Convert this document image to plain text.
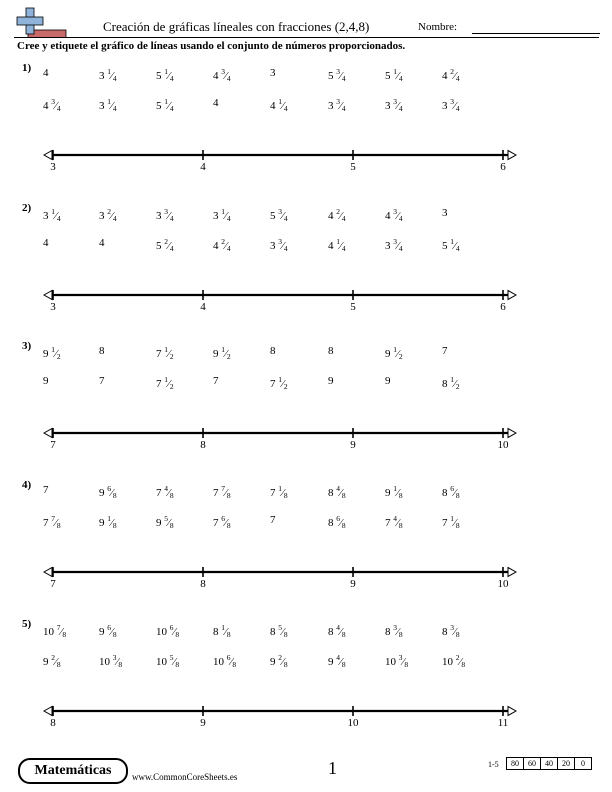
Creación de gráficas líneales con fracciones (2,4,8)	Nombre:
Cree y etiquete el gráfico de líneas usando el conjunto de números proporcionados.
1) 4	3 $^1⁄_4$	5 $^1⁄_4$	4 $^3⁄_4$	3	5 $^3⁄_4$	5 $^1⁄_4$	4 $^2⁄_4$
4 $^3⁄_4$	3 $^1⁄_4$	5 $^1⁄_4$	4	4 $^1⁄_4$	3 $^3⁄_4$	3 $^3⁄_4$	3 $^3⁄_4$
3	4	5	6
2)
3 $^1⁄_4$	3 $^2⁄_4$	3 $^3⁄_4$	3 $^1⁄_4$	5 $^3⁄_4$	4 $^2⁄_4$	4 $^3⁄_4$	3
4	4	5 $^2⁄_4$	4 $^2⁄_4$	3 $^3⁄_4$	4 $^1⁄_4$	3 $^3⁄_4$	5 $^1⁄_4$
3	4	5	6
3)
9 $^1⁄_2$	8	7 $^1⁄_2$	9 $^1⁄_2$	8	8	9 $^1⁄_2$	7
9	7	7 $^1⁄_2$	7	7 $^1⁄_2$	9	9	8 $^1⁄_2$
7	8	9	10
4) 7	9 $^6⁄_8$	7 $^4⁄_8$	7 $^7⁄_8$	7 $^1⁄_8$	8 $^4⁄_8$	9 $^1⁄_8$	8 $^6⁄_8$
7 $^7⁄_8$	9 $^1⁄_8$	9 $^5⁄_8$	7 $^6⁄_8$	7	8 $^6⁄_8$	7 $^4⁄_8$	7 $^1⁄_8$
7	8	9	10
5)
10 $^7⁄_8$	9 $^6⁄_8$	10 $^6⁄_8$	8 $^1⁄_8$	8 $^5⁄_8$	8 $^4⁄_8$	8 $^3⁄_8$	8 $^3⁄_8$
9 $^2⁄_8$	10 $^3⁄_8$	10 $^5⁄_8$	10 $^6⁄_8$	9 $^2⁄_8$	9 $^4⁄_8$	10 $^3⁄_8$	10 $^2⁄_8$
8	9	10	11
Matemáticas	www.CommonCoreSheets.es	1	1-5	80	60	40	20	0
